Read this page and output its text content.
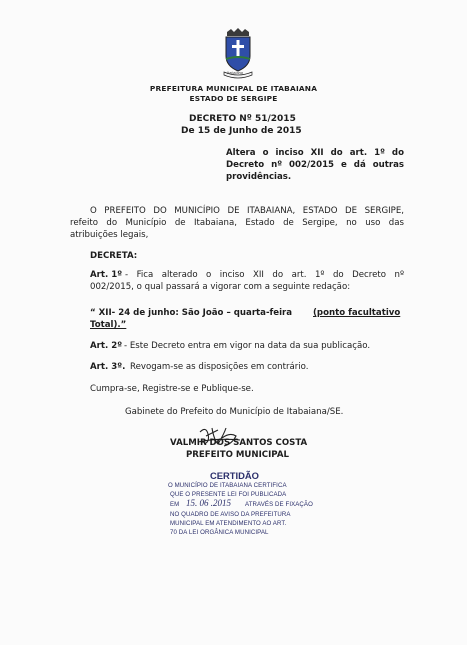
Itabaiana
PREFEITURA MUNICIPAL DE ITABAIANA
ESTADO DE SERGIPE
DECRETO Nº 51/2015
De 15 de Junho de 2015
Altera o inciso XII do art. 1º do
Decreto nº 002/2015 e dá outras
providências.
O PREFEITO DO MUNICÍPIO DE ITABAIANA, ESTADO DE SERGIPE,
refeito do Município de Itabaiana, Estado de Sergipe, no uso das
atribuições legais,
DECRETA:
Art. 1º - Fica alterado o inciso XII do art. 1º do Decreto nº
002/2015, o qual passará a vigorar com a seguinte redação:
“ XII- 24 de junho: São João – quarta-feira (ponto facultativo
Total).”
Art. 2º - Este Decreto entra em vigor na data da sua publicação.
Art. 3º. Revogam-se as disposições em contrário.
Cumpra-se, Registre-se e Publique-se.
Gabinete do Prefeito do Município de Itabaiana/SE.
VALMIR DOS SANTOS COSTA
PREFEITO MUNICIPAL
CERTIDÃO
O MUNICÍPIO DE ITABAIANA CERTIFICA
QUE O PRESENTE LEI FOI PUBLICADA
EM 15. 06 .2015 ATRAVÉS DE FIXAÇÃO
NO QUADRO DE AVISO DA PREFEITURA
MUNICIPAL EM ATENDIMENTO AO ART.
70 DA LEI ORGÂNICA MUNICIPAL
